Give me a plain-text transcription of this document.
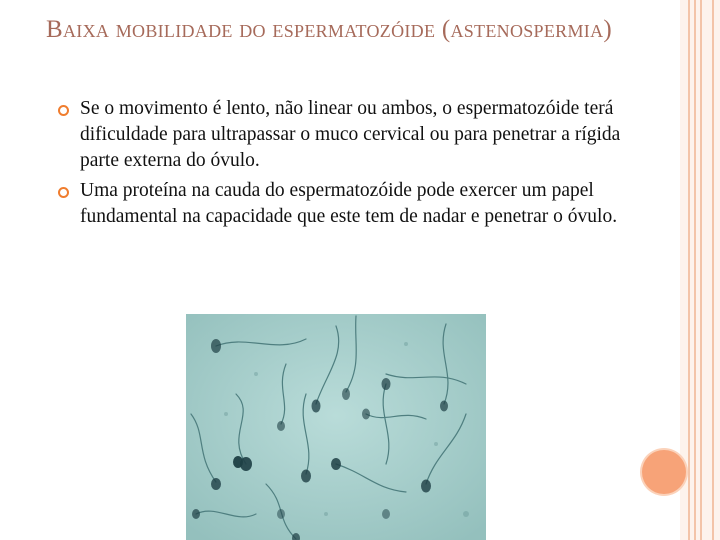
Baixa mobilidade do espermatozóide (astenospermia)
Se o movimento é lento, não linear ou ambos, o espermatozóide terá dificuldade para ultrapassar o muco cervical ou para penetrar a rígida parte externa do óvulo.
Uma proteína na cauda do espermatozóide pode exercer um papel fundamental na capacidade que este tem de nadar e penetrar o óvulo.
